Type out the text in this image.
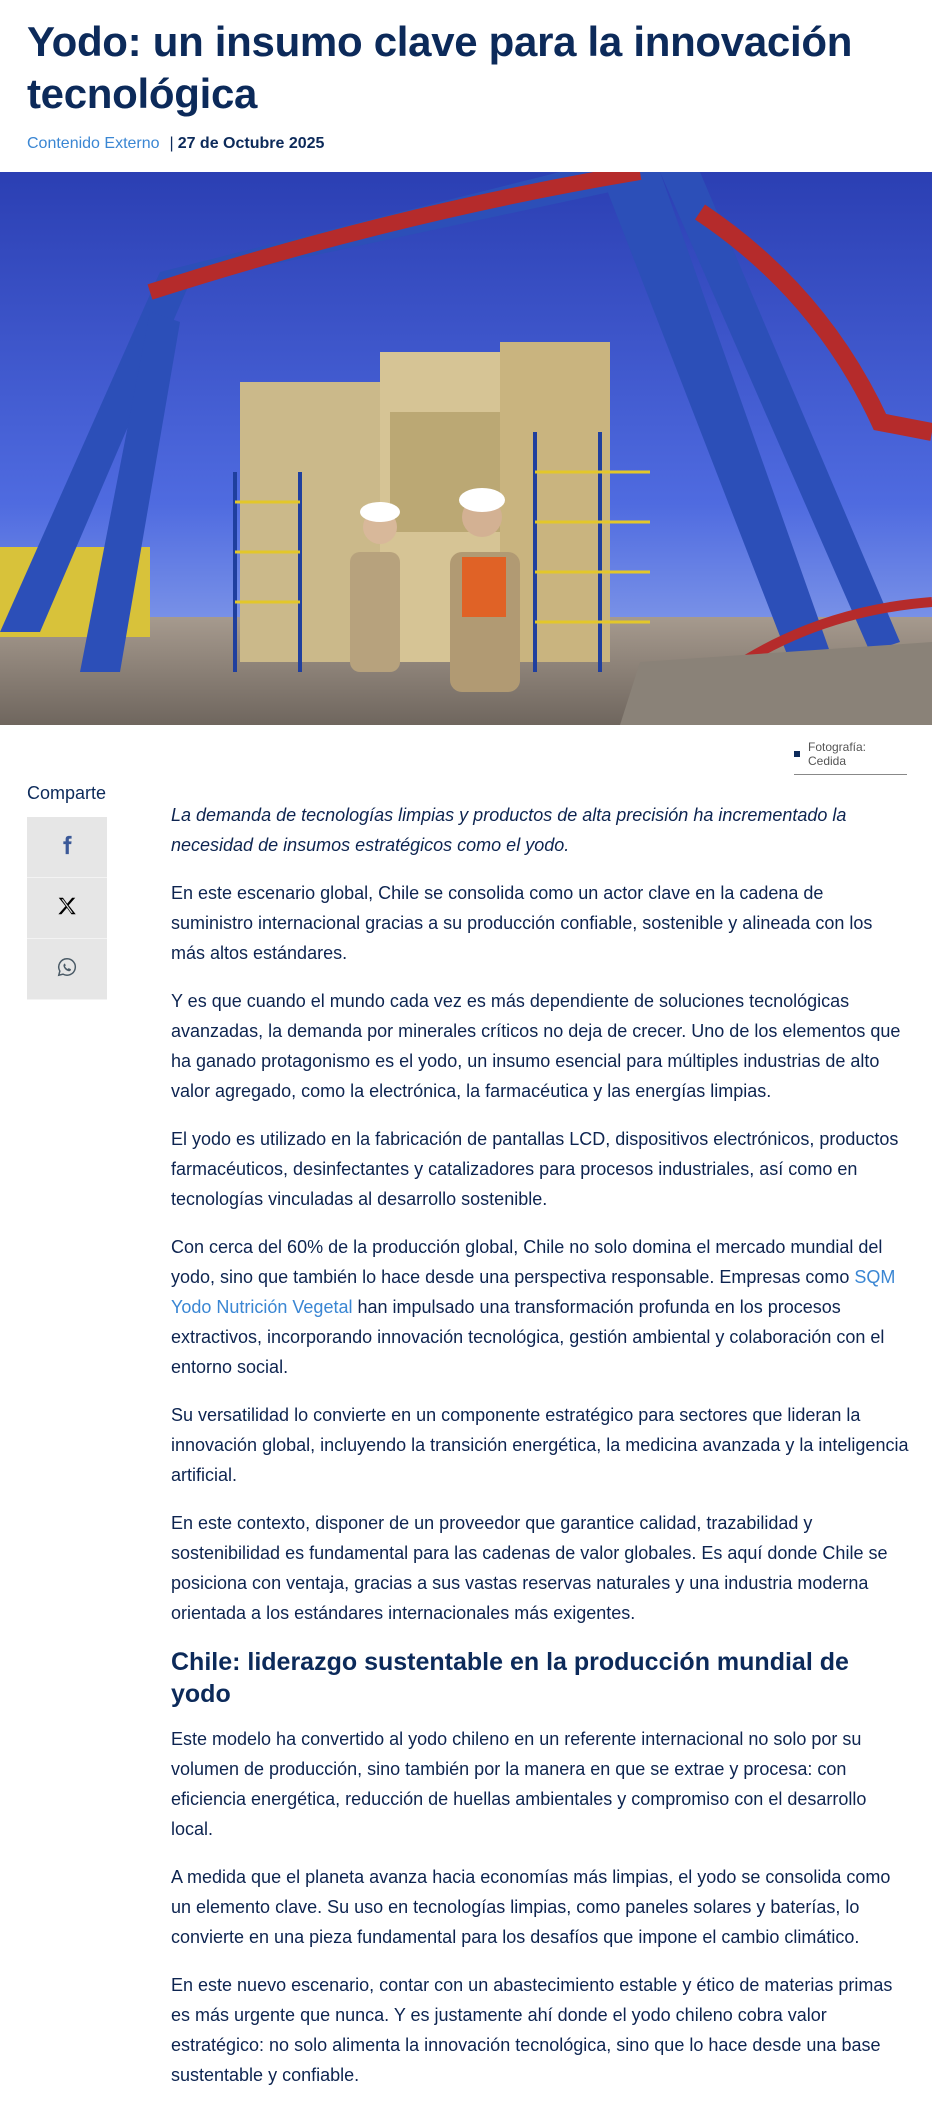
Yodo: un insumo clave para la innovación tecnológica
Contenido Externo | 27 de Octubre 2025
Fotografía: Cedida
Comparte

La demanda de tecnologías limpias y productos de alta precisión ha incrementado la necesidad de insumos estratégicos como el yodo.

En este escenario global, Chile se consolida como un actor clave en la cadena de suministro internacional gracias a su producción confiable, sostenible y alineada con los más altos estándares.

Y es que cuando el mundo cada vez es más dependiente de soluciones tecnológicas avanzadas, la demanda por minerales críticos no deja de crecer. Uno de los elementos que ha ganado protagonismo es el yodo, un insumo esencial para múltiples industrias de alto valor agregado, como la electrónica, la farmacéutica y las energías limpias.

El yodo es utilizado en la fabricación de pantallas LCD, dispositivos electrónicos, productos farmacéuticos, desinfectantes y catalizadores para procesos industriales, así como en tecnologías vinculadas al desarrollo sostenible.

Con cerca del 60% de la producción global, Chile no solo domina el mercado mundial del yodo, sino que también lo hace desde una perspectiva responsable. Empresas como SQM Yodo Nutrición Vegetal han impulsado una transformación profunda en los procesos extractivos, incorporando innovación tecnológica, gestión ambiental y colaboración con el entorno social.

Su versatilidad lo convierte en un componente estratégico para sectores que lideran la innovación global, incluyendo la transición energética, la medicina avanzada y la inteligencia artificial.

En este contexto, disponer de un proveedor que garantice calidad, trazabilidad y sostenibilidad es fundamental para las cadenas de valor globales. Es aquí donde Chile se posiciona con ventaja, gracias a sus vastas reservas naturales y una industria moderna orientada a los estándares internacionales más exigentes.

Chile: liderazgo sustentable en la producción mundial de yodo

Este modelo ha convertido al yodo chileno en un referente internacional no solo por su volumen de producción, sino también por la manera en que se extrae y procesa: con eficiencia energética, reducción de huellas ambientales y compromiso con el desarrollo local.

A medida que el planeta avanza hacia economías más limpias, el yodo se consolida como un elemento clave. Su uso en tecnologías limpias, como paneles solares y baterías, lo convierte en una pieza fundamental para los desafíos que impone el cambio climático.

En este nuevo escenario, contar con un abastecimiento estable y ético de materias primas es más urgente que nunca. Y es justamente ahí donde el yodo chileno cobra valor estratégico: no solo alimenta la innovación tecnológica, sino que lo hace desde una base sustentable y confiable.
